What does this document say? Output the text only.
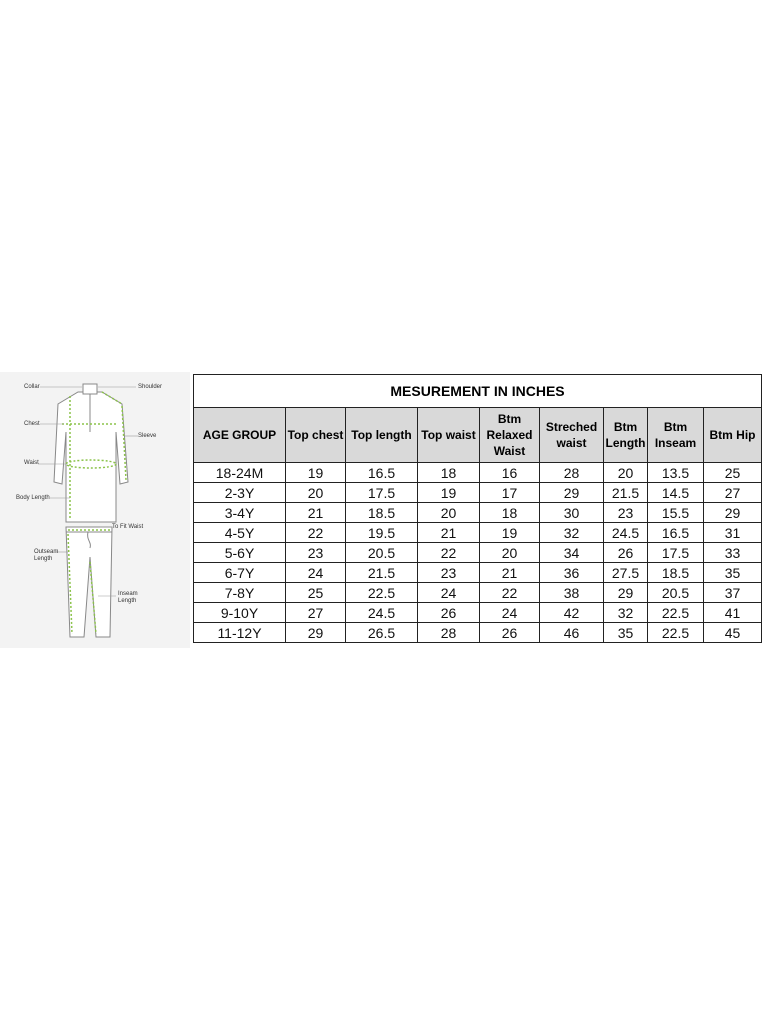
Collar	Shoulder
Chest
Sleeve
Waist
Body Length
To Fit Waist
Outseam Length
Inseam Length
MESUREMENT IN INCHES								
AGE GROUP	Top chest	Top length	Top waist	Btm Relaxed Waist	Streched waist	Btm Length	Btm Inseam	Btm Hip
18-24M	19	16.5	18	16	28	20	13.5	25
2-3Y	20	17.5	19	17	29	21.5	14.5	27
3-4Y	21	18.5	20	18	30	23	15.5	29
4-5Y	22	19.5	21	19	32	24.5	16.5	31
5-6Y	23	20.5	22	20	34	26	17.5	33
6-7Y	24	21.5	23	21	36	27.5	18.5	35
7-8Y	25	22.5	24	22	38	29	20.5	37
9-10Y	27	24.5	26	24	42	32	22.5	41
11-12Y	29	26.5	28	26	46	35	22.5	45
